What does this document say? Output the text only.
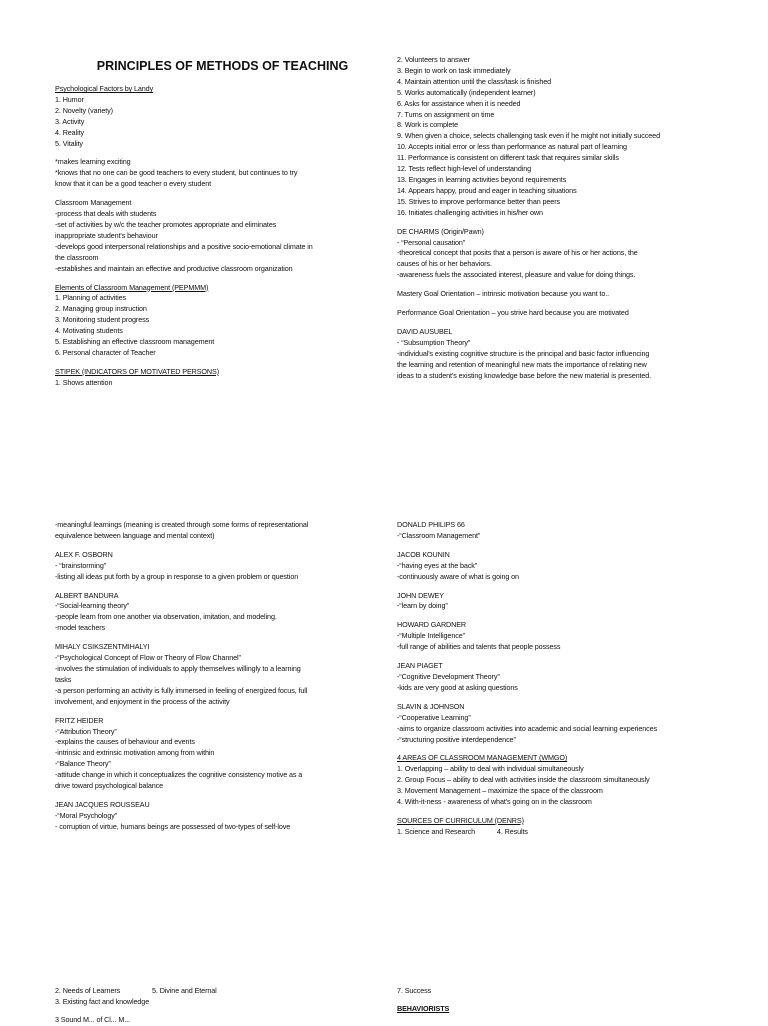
PRINCIPLES OF METHODS OF TEACHING
Psychological Factors by Landy
1. Humor
2. Novelty (variety)
3. Activity
4. Reality
5. Vitality
*makes learning exciting
*knows that no one can be good teachers to every student, but continues to try
know that it can be a good teacher o every student
Classroom Management
-process that deals with students
-set of activities by w/c the teacher promotes appropriate and eliminates
inappropriate student's behaviour
-develops good interpersonal relationships and a positive socio-emotional climate in
the classroom
-establishes and maintain an effective and productive classroom organization
Elements of Classroom Management (PEPMMM)
1. Planning of activities
2. Managing group instruction
3. Monitoring student progress
4. Motivating students
5. Establishing an effective classroom management
6. Personal character of Teacher
STIPEK (INDICATORS OF MOTIVATED PERSONS)
1. Shows attention
2. Volunteers to answer
3. Begin to work on task immediately
4. Maintain attention until the class/task is finished
5. Works automatically (independent learner)
6. Asks for assistance when it is needed
7. Turns on assignment on time
8. Work is complete
9. When given a choice, selects challenging task even if he might not initially succeed
10. Accepts initial error or less than performance as natural part of learning
11. Performance is consistent on different task that requires similar skills
12. Tests reflect high-level of understanding
13. Engages in learning activities beyond requirements
14. Appears happy, proud and eager in teaching situations
15. Strives to improve performance better than peers
16. Initiates challenging activities in his/her own
DE CHARMS (Origin/Pawn)
- “Personal causation”
-theoretical concept that posits that a person is aware of his or her actions, the
causes of his or her behaviors.
-awareness fuels the associated interest, pleasure and value for doing things.
Mastery Goal Orientation – intrinsic motivation because you want to..
Performance Goal Orientation – you strive hard because you are motivated
DAVID AUSUBEL
- “Subsumption Theory”
-individual's existing cognitive structure is the principal and basic factor influencing
the learning and retention of meaningful new mats the importance of relating new
ideas to a student's existing knowledge base before the new material is presented.
-meaningful learnings (meaning is created through some forms of representational
equivalence between language and mental context)
ALEX F. OSBORN
- “brainstorming”
-listing all ideas put forth by a group in response to a given problem or question
ALBERT BANDURA
-“Social-learning theory”
-people learn from one another via observation, imitation, and modeling.
-model teachers
MIHALY CSIKSZENTMIHALYI
-“Psychological Concept of Flow or Theory of Flow Channel”
-involves the stimulation of individuals to apply themselves willingly to a learning
tasks
-a person performing an activity is fully immersed in feeling of energized focus, full
involvement, and enjoyment in the process of the activity
FRITZ HEIDER
-“Attribution Theory”
-explains the causes of behaviour and events
-intrinsic and extrinsic motivation among from within
-“Balance Theory”
-attitude change in which it conceptualizes the cognitive consistency motive as a
drive toward psychological balance
JEAN JACQUES ROUSSEAU
-“Moral Psychology”
- corruption of virtue, humans beings are possessed of two-types of self-love
DONALD PHILIPS 66
-“Classroom Management”
JACOB KOUNIN
-“having eyes at the back”
-continuously aware of what is going on
JOHN DEWEY
-“learn by doing”
HOWARD GARDNER
-“Multiple Intelligence”
-full range of abilities and talents that people possess
JEAN PIAGET
-“Cognitive Development Theory”
-kids are very good at asking questions
SLAVIN & JOHNSON
-“Cooperative Learning”
-aims to organize classroom activities into academic and social learning experiences
-“structuring positive interdependence”
4 AREAS OF CLASSROOM MANAGEMENT (WMGO)
1. Overlapping – ability to deal with individual simultaneously
2. Group Focus – ability to deal with activities inside the classroom simultaneously
3. Movement Management – maximize the space of the classroom
4. With-it-ness - awareness of what's going on in the classroom
SOURCES OF CURRICULUM (DENRS)
1. Science and Research	4. Results
2. Needs of Learners	5. Divine and Eternal
3. Existing fact and knowledge
3 Sound M... of Cl... M...
7. Success
BEHAVIORISTS
